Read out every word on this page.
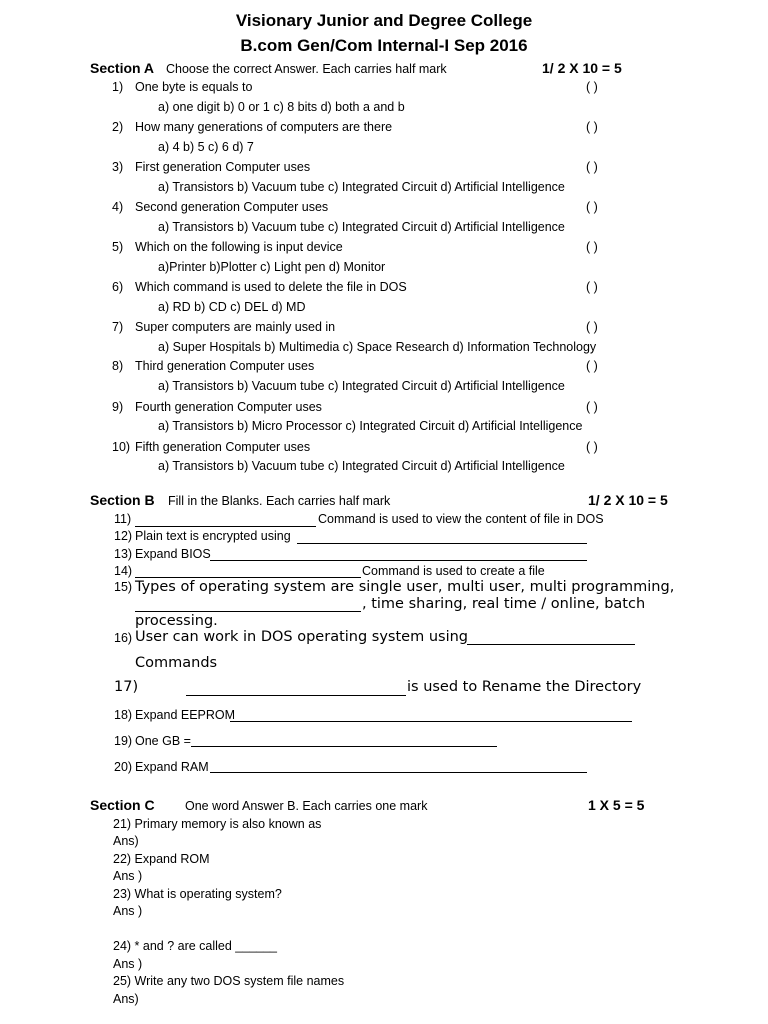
Visionary Junior and Degree College
B.com Gen/Com Internal-I Sep 2016
Section A Choose the correct Answer. Each carries half mark	1/ 2 X 10 = 5
1) One byte is equals to	( )
a) one digit b) 0 or 1 c) 8 bits d) both a and b
2) How many generations of computers are there	( )
a) 4 b) 5 c) 6 d) 7
3) First generation Computer uses	( )
a) Transistors b) Vacuum tube c) Integrated Circuit d) Artificial Intelligence
4) Second generation Computer uses	( )
a) Transistors b) Vacuum tube c) Integrated Circuit d) Artificial Intelligence
5) Which on the following is input device	( )
a)Printer b)Plotter c) Light pen d) Monitor
6) Which command is used to delete the file in DOS	( )
a) RD b) CD c) DEL d) MD
7) Super computers are mainly used in	( )
a) Super Hospitals b) Multimedia c) Space Research d) Information Technology
8) Third generation Computer uses	( )
a) Transistors b) Vacuum tube c) Integrated Circuit d) Artificial Intelligence
9) Fourth generation Computer uses	( )
a) Transistors b) Micro Processor c) Integrated Circuit d) Artificial Intelligence
10) Fifth generation Computer uses	( )
a) Transistors b) Vacuum tube c) Integrated Circuit d) Artificial Intelligence
Section B Fill in the Blanks. Each carries half mark	1/ 2 X 10 = 5
11)	Command is used to view the content of file in DOS
12) Plain text is encrypted using
13) Expand BIOS
14)	Command is used to create a file
15) Types of operating system are single user, multi user, multi programming,
, time sharing, real time / online, batch
processing.
16) User can work in DOS operating system using
Commands
17)	is used to Rename the Directory
18) Expand EEPROM
19) One GB =
20) Expand RAM
Section C One word Answer B. Each carries one mark	1 X 5 = 5
21) Primary memory is also known as
Ans)
22) Expand ROM
Ans )
23) What is operating system?
Ans )
24) * and ? are called ______
Ans )
25) Write any two DOS system file names
Ans)
